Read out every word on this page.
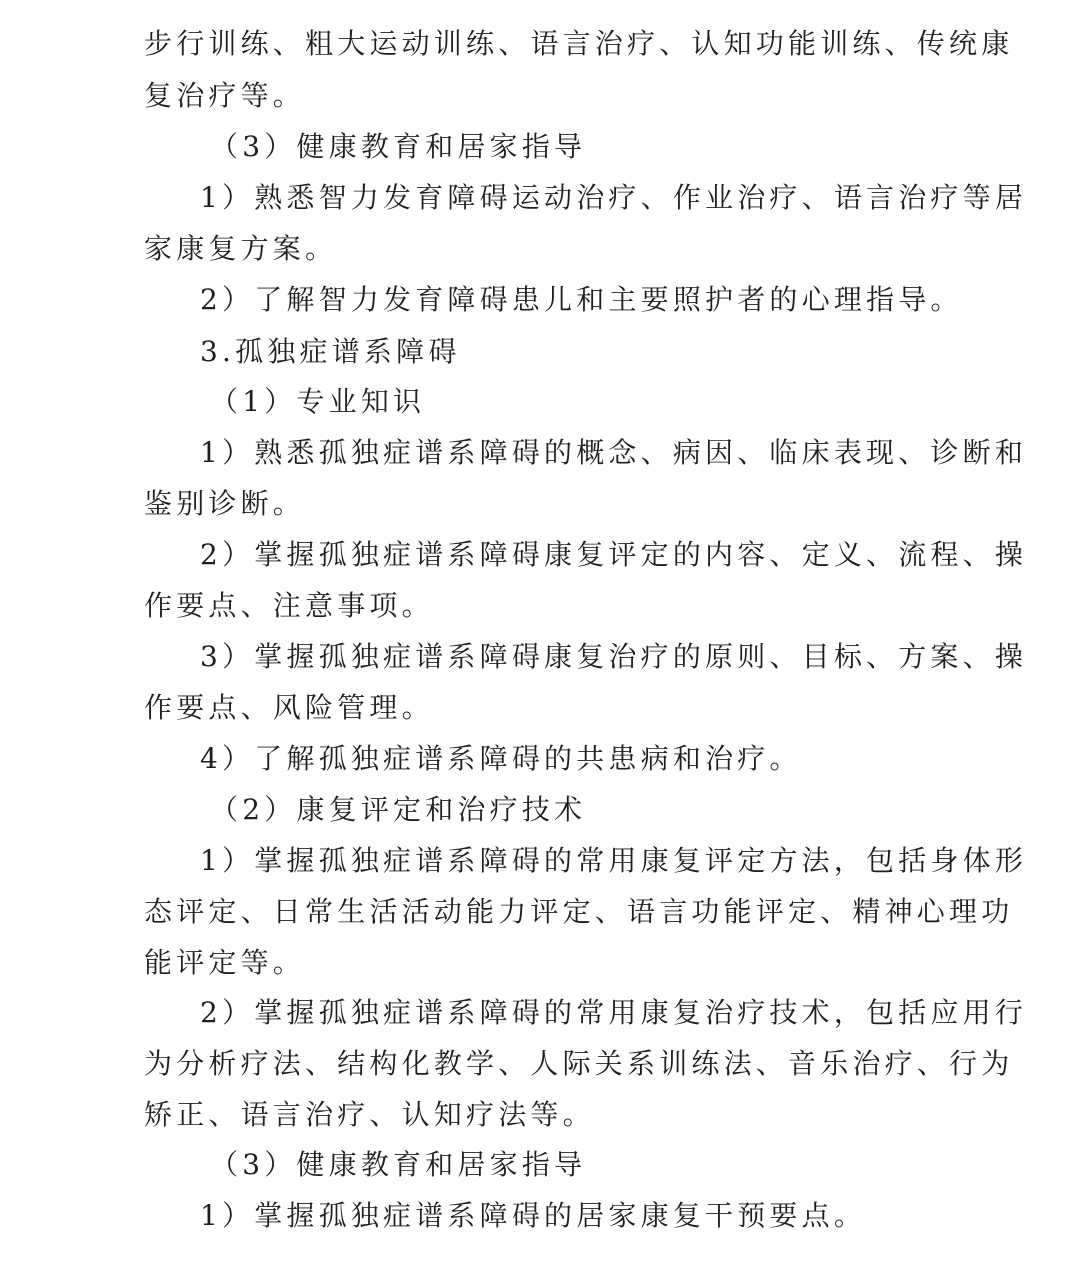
步行训练、粗大运动训练、语言治疗、认知功能训练、传统康
复治疗等。
（3）健康教育和居家指导
1）熟悉智力发育障碍运动治疗、作业治疗、语言治疗等居
家康复方案。
2）了解智力发育障碍患儿和主要照护者的心理指导。
3.孤独症谱系障碍
（1）专业知识
1）熟悉孤独症谱系障碍的概念、病因、临床表现、诊断和
鉴别诊断。
2）掌握孤独症谱系障碍康复评定的内容、定义、流程、操
作要点、注意事项。
3）掌握孤独症谱系障碍康复治疗的原则、目标、方案、操
作要点、风险管理。
4）了解孤独症谱系障碍的共患病和治疗。
（2）康复评定和治疗技术
1）掌握孤独症谱系障碍的常用康复评定方法，包括身体形
态评定、日常生活活动能力评定、语言功能评定、精神心理功
能评定等。
2）掌握孤独症谱系障碍的常用康复治疗技术，包括应用行
为分析疗法、结构化教学、人际关系训练法、音乐治疗、行为
矫正、语言治疗、认知疗法等。
（3）健康教育和居家指导
1）掌握孤独症谱系障碍的居家康复干预要点。
